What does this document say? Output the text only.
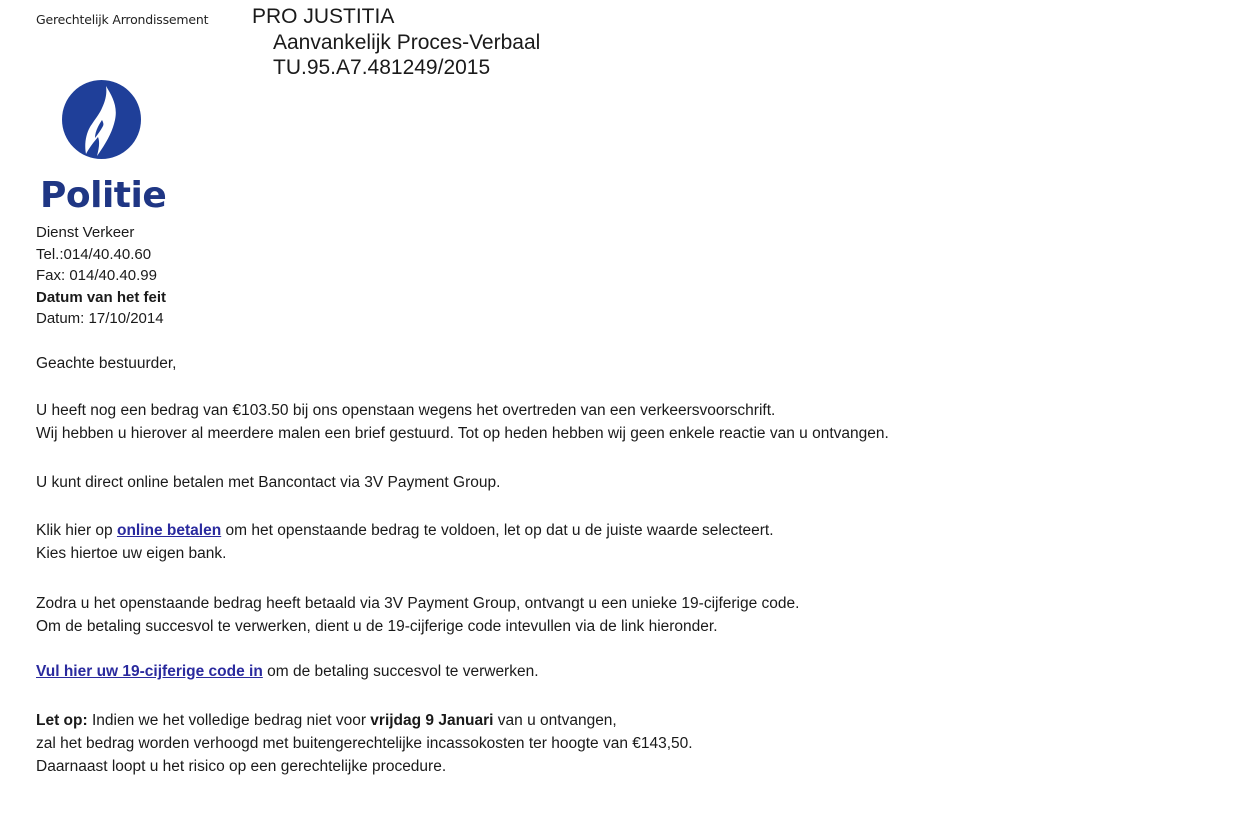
Gerechtelijk Arrondissement PRO JUSTITIA
Aanvankelijk Proces-Verbaal
TU.95.A7.481249/2015
Politie
Dienst Verkeer
Tel.:014/40.40.60
Fax: 014/40.40.99
Datum van het feit
Datum: 17/10/2014
Geachte bestuurder,

U heeft nog een bedrag van €103.50 bij ons openstaan wegens het overtreden van een verkeersvoorschrift.

Wij hebben u hierover al meerdere malen een brief gestuurd. Tot op heden hebben wij geen enkele reactie van u ontvangen.

U kunt direct online betalen met Bancontact via 3V Payment Group.

Klik hier op online betalen om het openstaande bedrag te voldoen, let op dat u de juiste waarde selecteert.

Kies hiertoe uw eigen bank.

Zodra u het openstaande bedrag heeft betaald via 3V Payment Group, ontvangt u een unieke 19-cijferige code.

Om de betaling succesvol te verwerken, dient u de 19-cijferige code intevullen via de link hieronder.

Vul hier uw 19-cijferige code in om de betaling succesvol te verwerken.

Let op: Indien we het volledige bedrag niet voor vrijdag 9 Januari van u ontvangen,

zal het bedrag worden verhoogd met buitengerechtelijke incassokosten ter hoogte van €143,50.

Daarnaast loopt u het risico op een gerechtelijke procedure.
